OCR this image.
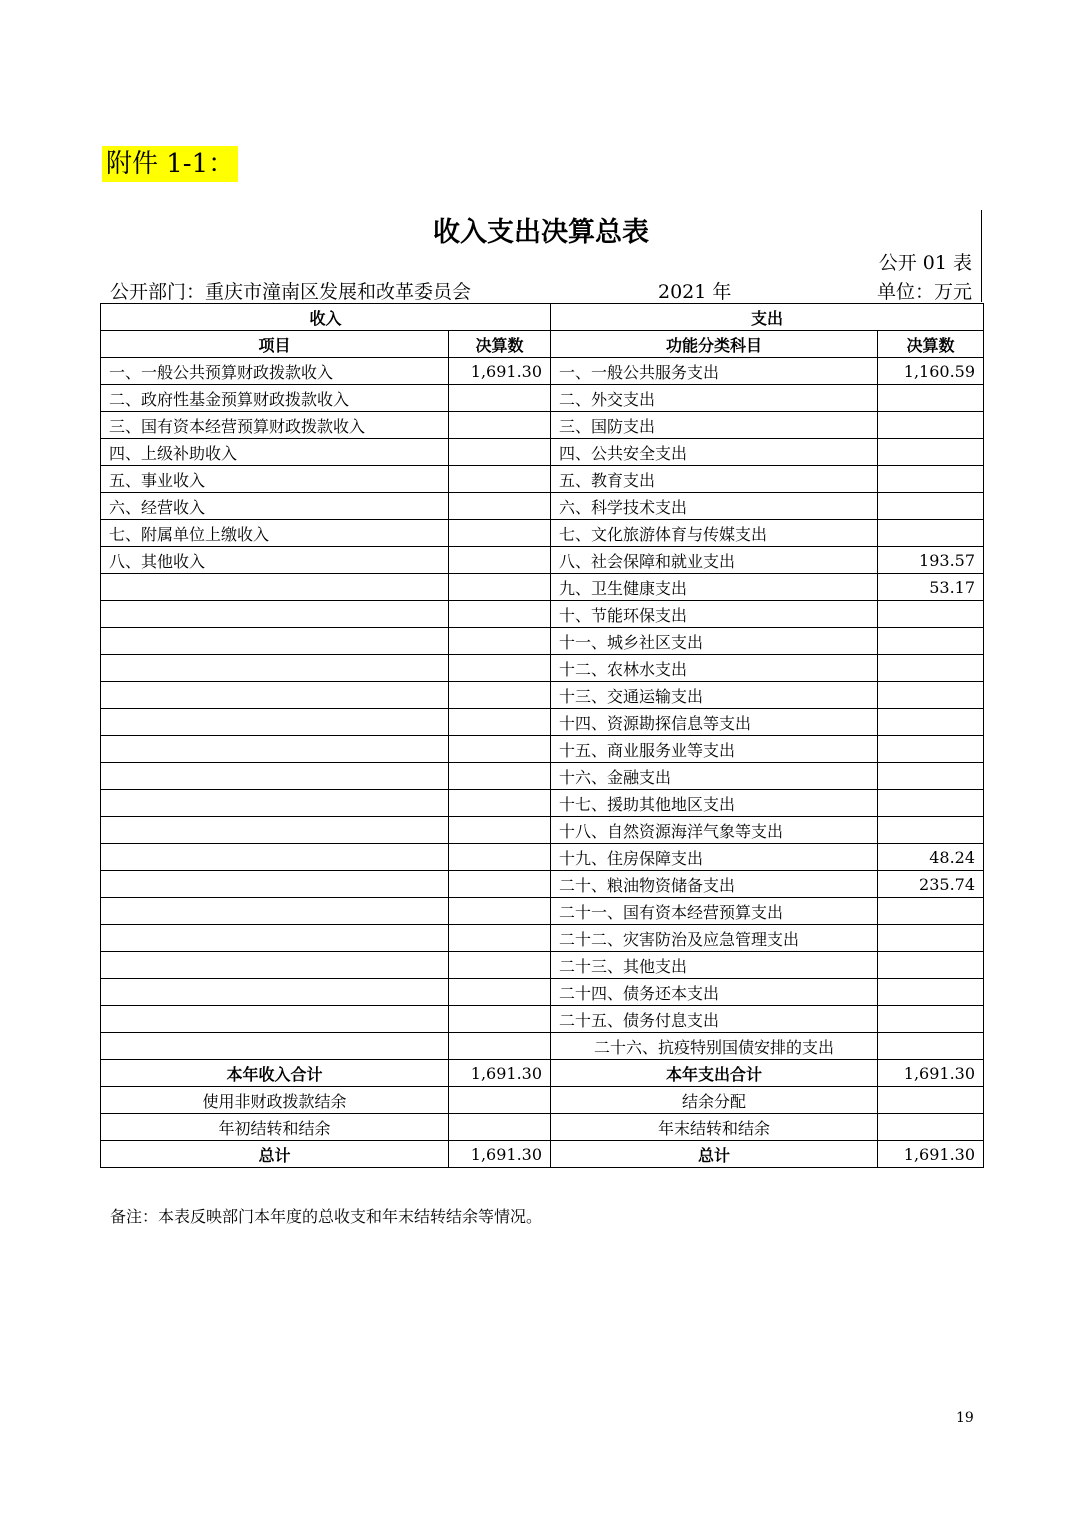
附件 1-1：
收入支出决算总表
公开 01 表
公开部门：重庆市潼南区发展和改革委员会	2021 年	单位：万元
收入		支出	
项目	决算数	功能分类科目	决算数
一、一般公共预算财政拨款收入	1,691.30	一、一般公共服务支出	1,160.59
二、政府性基金预算财政拨款收入		二、外交支出	
三、国有资本经营预算财政拨款收入		三、国防支出	
四、上级补助收入		四、公共安全支出	
五、事业收入		五、教育支出	
六、经营收入		六、科学技术支出	
七、附属单位上缴收入		七、文化旅游体育与传媒支出	
八、其他收入		八、社会保障和就业支出	193.57
		九、卫生健康支出	53.17
		十、节能环保支出	
		十一、城乡社区支出	
		十二、农林水支出	
		十三、交通运输支出	
		十四、资源勘探信息等支出	
		十五、商业服务业等支出	
		十六、金融支出	
		十七、援助其他地区支出	
		十八、自然资源海洋气象等支出	
		十九、住房保障支出	48.24
		二十、粮油物资储备支出	235.74
		二十一、国有资本经营预算支出	
		二十二、灾害防治及应急管理支出	
		二十三、其他支出	
		二十四、债务还本支出	
		二十五、债务付息支出	
		二十六、抗疫特别国债安排的支出	
本年收入合计	1,691.30	本年支出合计	1,691.30
使用非财政拨款结余		结余分配	
年初结转和结余		年末结转和结余	
总计	1,691.30	总计	1,691.30
备注：本表反映部门本年度的总收支和年末结转结余等情况。
19
